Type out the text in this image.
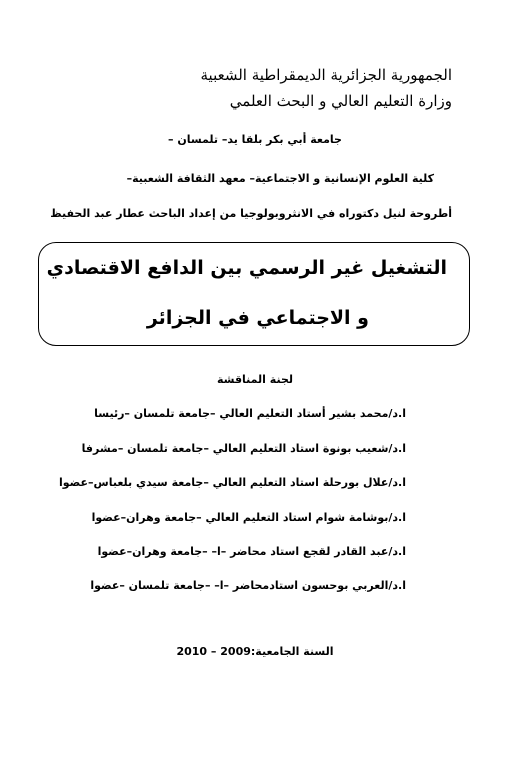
الجمهورية الجزائرية الديمقراطية الشعبية
وزارة التعليم العالي و البحث العلمي
جامعة أبي بكر بلقا يد– تلمسان –
كلية العلوم الإنسانية و الاجتماعية– معهد الثقافة الشعبية–
أطروحة لنيل دكتوراه في الانثروبولوجيا من إعداد الباحث عطار عبد الحفيظ
التشغيل غير الرسمي بين الدافع الاقتصادي
و الاجتماعي في الجزائر
لجنة المناقشة
ا.د/محمد بشير أستاد التعليم العالي –جامعة تلمسان –رئيسا
ا.د/شعيب بونوة استاد التعليم العالي –جامعة تلمسان –مشرفا
ا.د/علال بورحلة استاد التعليم العالي –جامعة سيدي بلعباس–عضوا
ا.د/بوشامة شوام استاد التعليم العالي –جامعة وهران–عضوا
ا.د/عبد القادر لقجع استاد محاضر –ا– –جامعة وهران–عضوا
ا.د/العربي بوحسون استادمحاضر –ا– –جامعة تلمسان –عضوا
السنة الجامعية:2009 – 2010
